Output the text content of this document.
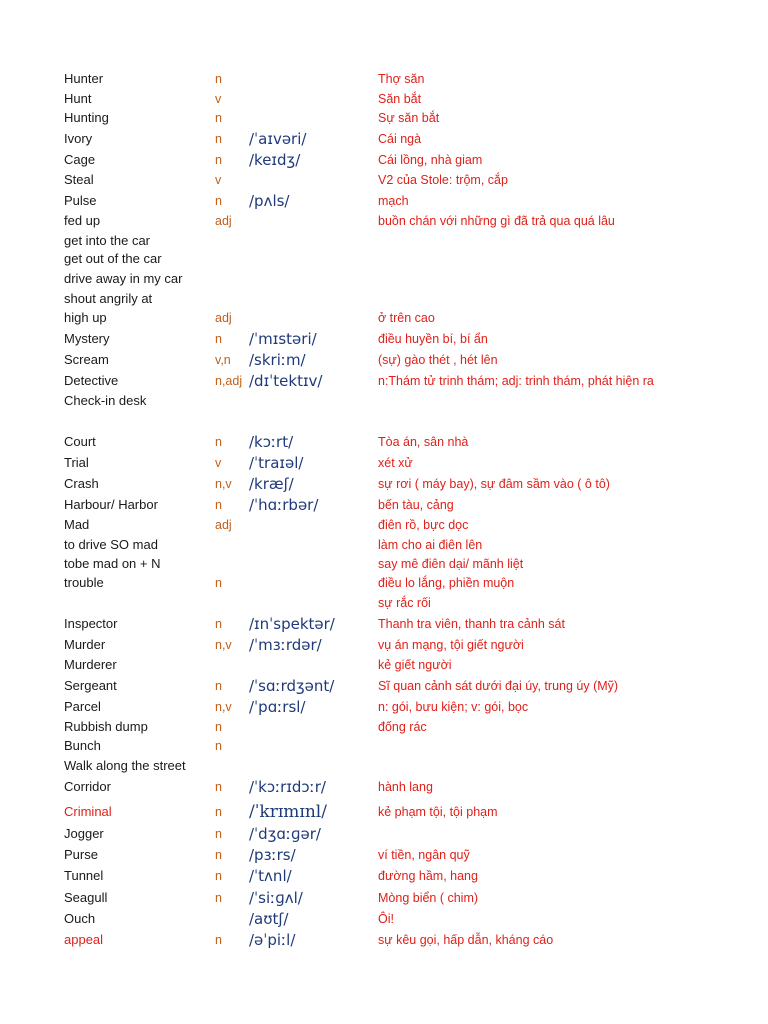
Hunter	n	Thợ săn
Hunt	v	Săn bắt
Hunting	n	Sự săn bắt
Ivory	n /ˈaɪvəri/	Cái ngà
Cage	n /keɪdʒ/	Cái lồng, nhà giam
Steal	v	V2 của Stole: trộm, cắp
Pulse	n /pʌls/	mạch
fed up	adj	buồn chán với những gì đã trả qua quá lâu
get into the car
get out of the car
drive away in my car
shout angrily at
high up	adj	ở trên cao
Mystery	n /ˈmɪstəri/	điều huyền bí, bí ẩn
Scream	v,n /skriːm/	(sự) gào thét , hét lên
Detective	n,adj /dɪˈtektɪv/	n:Thám tử trinh thám; adj: trinh thám, phát hiện ra
Check-in desk
Court	n /kɔːrt/	Tòa án, sân nhà
Trial	v /ˈtraɪəl/	xét xử
Crash	n,v /kræʃ/	sự rơi ( máy bay), sự đâm sầm vào ( ô tô)
Harbour/ Harbor	n /ˈhɑːrbər/	bến tàu, cảng
Mad	adj	điên rồ, bực dọc
to drive SO mad	làm cho ai điên lên
tobe mad on + N	say mê điên dại/ mãnh liệt
trouble	n	điều lo lắng, phiền muộn
sự rắc rối
Inspector	n /ɪnˈspektər/	Thanh tra viên, thanh tra cảnh sát
Murder	n,v /ˈmɜːrdər/	vụ án mạng, tội giết người
Murderer	kẻ giết người
Sergeant	n /ˈsɑːrdʒənt/	Sĩ quan cảnh sát dưới đại úy, trung úy (Mỹ)
Parcel	n,v /ˈpɑːrsl/	n: gói, bưu kiện; v: gói, bọc
Rubbish dump	n	đống rác
Bunch	n
Walk along the street
Corridor	n /ˈkɔːrɪdɔːr/	hành lang
Criminal	n /ˈkrɪmɪnl/	kẻ phạm tội, tội phạm
Jogger	n /ˈdʒɑːɡər/
Purse	n /pɜːrs/	ví tiền, ngân quỹ
Tunnel	n /ˈtʌnl/	đường hầm, hang
Seagull	n /ˈsiːɡʌl/	Mòng biển ( chim)
Ouch	/aʊtʃ/	Ôi!
appeal	n /əˈpiːl/	sự kêu gọi, hấp dẫn, kháng cáo
